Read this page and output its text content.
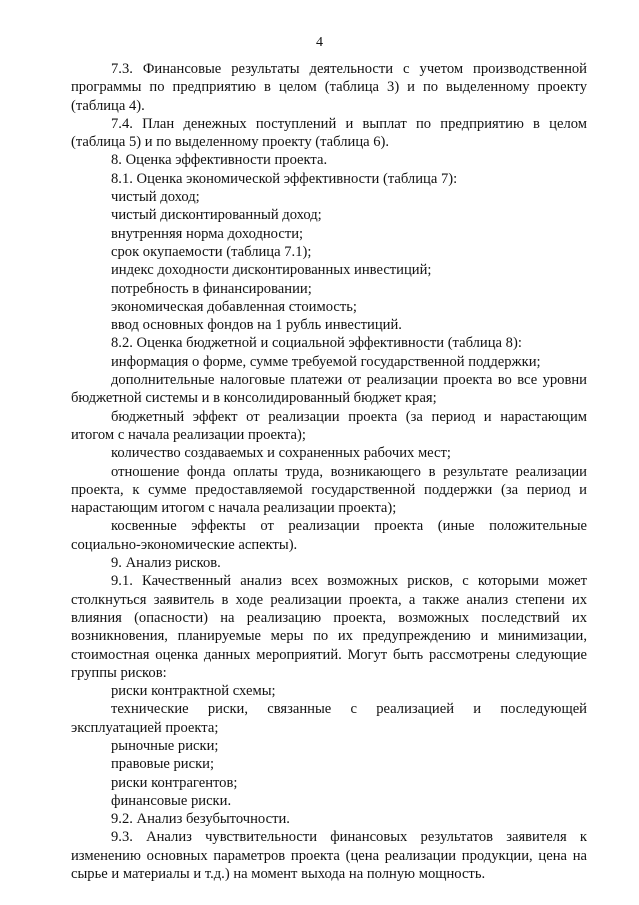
4

7.3. Финансовые результаты деятельности с учетом производственной программы по предприятию в целом (таблица 3) и по выделенному проекту (таблица 4).

7.4. План денежных поступлений и выплат по предприятию в целом (таблица 5) и по выделенному проекту (таблица 6).

8. Оценка эффективности проекта.

8.1. Оценка экономической эффективности (таблица 7):

чистый доход;

чистый дисконтированный доход;

внутренняя норма доходности;

срок окупаемости (таблица 7.1);

индекс доходности дисконтированных инвестиций;

потребность в финансировании;

экономическая добавленная стоимость;

ввод основных фондов на 1 рубль инвестиций.

8.2. Оценка бюджетной и социальной эффективности (таблица 8):

информация о форме, сумме требуемой государственной поддержки;

дополнительные налоговые платежи от реализации проекта во все уровни бюджетной системы и в консолидированный бюджет края;

бюджетный эффект от реализации проекта (за период и нарастающим итогом с начала реализации проекта);

количество создаваемых и сохраненных рабочих мест;

отношение фонда оплаты труда, возникающего в результате реализации проекта, к сумме предоставляемой государственной поддержки (за период и нарастающим итогом с начала реализации проекта);

косвенные эффекты от реализации проекта (иные положительные социально-экономические аспекты).

9. Анализ рисков.

9.1. Качественный анализ всех возможных рисков, с которыми может столкнуться заявитель в ходе реализации проекта, а также анализ степени их влияния (опасности) на реализацию проекта, возможных последствий их возникновения, планируемые меры по их предупреждению и минимизации, стоимостная оценка данных мероприятий. Могут быть рассмотрены следующие группы рисков:

риски контрактной схемы;

технические риски, связанные с реализацией и последующей эксплуатацией проекта;

рыночные риски;

правовые риски;

риски контрагентов;

финансовые риски.

9.2. Анализ безубыточности.

9.3. Анализ чувствительности финансовых результатов заявителя к изменению основных параметров проекта (цена реализации продукции, цена на сырье и материалы и т.д.) на момент выхода на полную мощность.
